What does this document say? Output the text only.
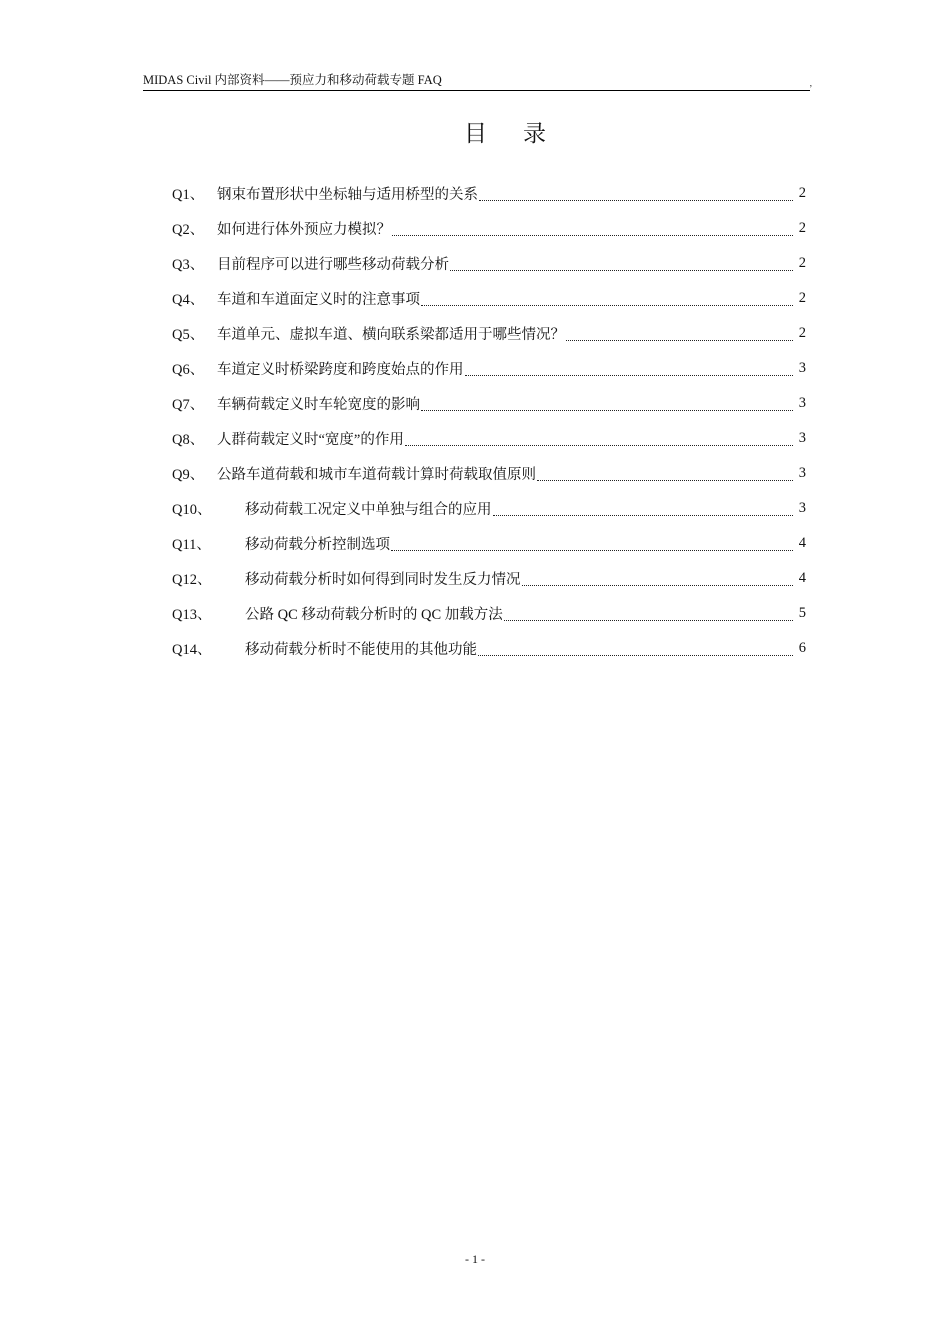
MIDAS Civil 内部资料——预应力和移动荷载专题 FAQ	,
目 录
Q1、 钢束布置形状中坐标轴与适用桥型的关系	2
Q2、 如何进行体外预应力模拟？	2
Q3、 目前程序可以进行哪些移动荷载分析	2
Q4、 车道和车道面定义时的注意事项	2
Q5、 车道单元、虚拟车道、横向联系梁都适用于哪些情况？	2
Q6、 车道定义时桥梁跨度和跨度始点的作用	3
Q7、 车辆荷载定义时车轮宽度的影响	3
Q8、 人群荷载定义时“宽度”的作用	3
Q9、 公路车道荷载和城市车道荷载计算时荷载取值原则	3
Q10、	移动荷载工况定义中单独与组合的应用	3
Q11、	移动荷载分析控制选项	4
Q12、	移动荷载分析时如何得到同时发生反力情况	4
Q13、	公路 QC 移动荷载分析时的 QC 加载方法	5
Q14、	移动荷载分析时不能使用的其他功能	6
- 1 -
